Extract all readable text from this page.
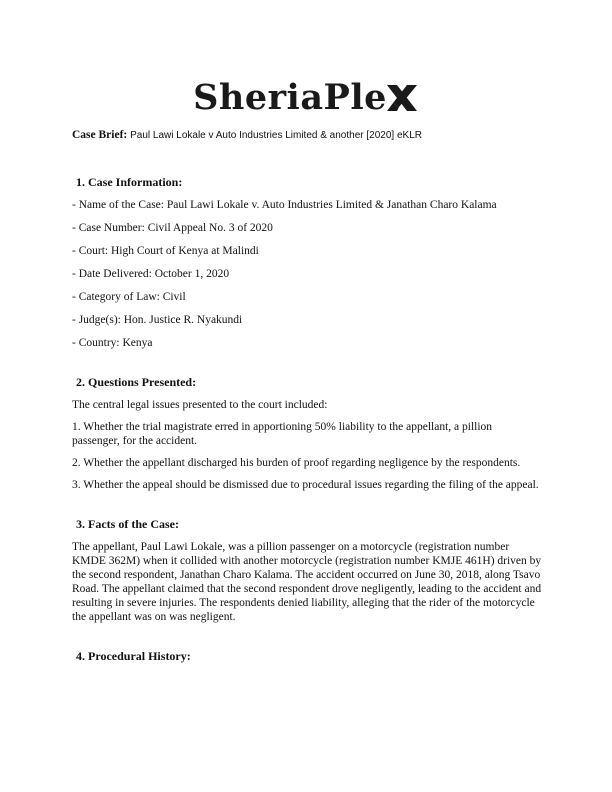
SheriaPle
Case Brief: Paul Lawi Lokale v Auto Industries Limited & another [2020] eKLR
1. Case Information:
- Name of the Case: Paul Lawi Lokale v. Auto Industries Limited & Janathan Charo Kalama
- Case Number: Civil Appeal No. 3 of 2020
- Court: High Court of Kenya at Malindi
- Date Delivered: October 1, 2020
- Category of Law: Civil
- Judge(s): Hon. Justice R. Nyakundi
- Country: Kenya
2. Questions Presented:
The central legal issues presented to the court included:
1. Whether the trial magistrate erred in apportioning 50% liability to the appellant, a pillion passenger, for the accident.
2. Whether the appellant discharged his burden of proof regarding negligence by the respondents.
3. Whether the appeal should be dismissed due to procedural issues regarding the filing of the appeal.
3. Facts of the Case:
The appellant, Paul Lawi Lokale, was a pillion passenger on a motorcycle (registration number KMDE 362M) when it collided with another motorcycle (registration number KMJE 461H) driven by the second respondent, Janathan Charo Kalama. The accident occurred on June 30, 2018, along Tsavo Road. The appellant claimed that the second respondent drove negligently, leading to the accident and resulting in severe injuries. The respondents denied liability, alleging that the rider of the motorcycle the appellant was on was negligent.
4. Procedural History:
